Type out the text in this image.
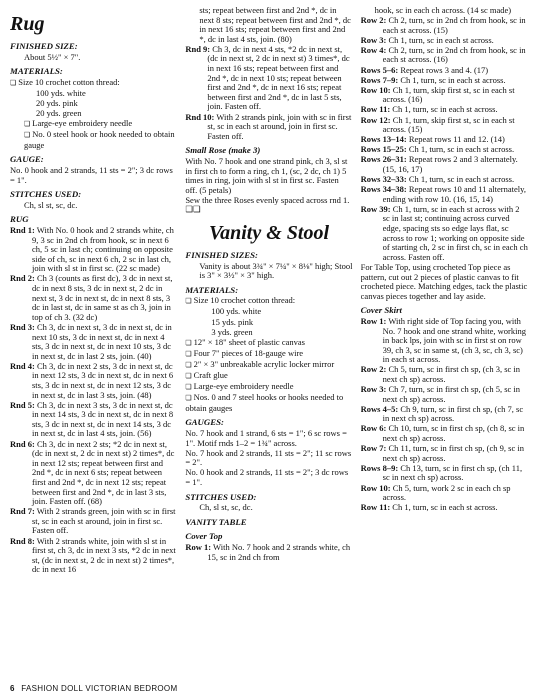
Rug
FINISHED SIZE:

About 5½" × 7".

MATERIALS:

❏ Size 10 crochet cotton thread:

100 yds. white

20 yds. pink

20 yds. green

❏ Large-eye embroidery needle

❏ No. 0 steel hook or hook needed to obtain gauge

GAUGE:

No. 0 hook and 2 strands, 11 sts = 2"; 3 dc rows = 1".

STITCHES USED:

Ch, sl st, sc, dc.

RUG

Rnd 1: With No. 0 hook and 2 strands white, ch 9, 3 sc in 2nd ch from hook, sc in next 6 ch, 5 sc in last ch; continuing on opposite side of ch, sc in next 6 ch, 2 sc in last ch, join with sl st in first sc. (22 sc made)

Rnd 2: Ch 3 (counts as first dc), 3 dc in next st, dc in next 8 sts, 3 dc in next st, 2 dc in next st, 3 dc in next st, dc in next 8 sts, 3 dc in last st, dc in same st as ch 3, join in top of ch 3. (32 dc)

Rnd 3: Ch 3, dc in next st, 3 dc in next st, dc in next 10 sts, 3 dc in next st, dc in next 4 sts, 3 dc in next st, dc in next 10 sts, 3 dc in next st, dc in last 2 sts, join. (40)

Rnd 4: Ch 3, dc in next 2 sts, 3 dc in next st, dc in next 12 sts, 3 dc in next st, dc in next 6 sts, 3 dc in next st, dc in next 12 sts, 3 dc in next st, dc in last 3 sts, join. (48)

Rnd 5: Ch 3, dc in next 3 sts, 3 dc in next st, dc in next 14 sts, 3 dc in next st, dc in next 8 sts, 3 dc in next st, dc in next 14 sts, 3 dc in next st, dc in last 4 sts, join. (56)

Rnd 6: Ch 3, dc in next 2 sts; *2 dc in next st, (dc in next st, 2 dc in next st) 2 times*, dc in next 12 sts; repeat between first and 2nd *, dc in next 6 sts; repeat between first and 2nd *, dc in next 12 sts; repeat between first and 2nd *, dc in last 3 sts, join. Fasten off. (68)

Rnd 7: With 2 strands green, join with sc in first st, sc in each st around, join in first sc. Fasten off.

Rnd 8: With 2 strands white, join with sl st in first st, ch 3, dc in next 3 sts, *2 dc in next st, (dc in next st, 2 dc in next st) 2 times*, dc in next 16

sts; repeat between first and 2nd *, dc in next 8 sts; repeat between first and 2nd *, dc in next 16 sts; repeat between first and 2nd *, dc in last 4 sts, join. (80)

Rnd 9: Ch 3, dc in next 4 sts, *2 dc in next st, (dc in next st, 2 dc in next st) 3 times*, dc in next 16 sts; repeat between first and 2nd *, dc in next 10 sts; repeat between first and 2nd *, dc in next 16 sts; repeat between first and 2nd *, dc in last 5 sts, join. Fasten off.

Rnd 10: With 2 strands pink, join with sc in first st, sc in each st around, join in first sc. Fasten off.

Small Rose (make 3)

With No. 7 hook and one strand pink, ch 3, sl st in first ch to form a ring, ch 1, (sc, 2 dc, ch 1) 5 times in ring, join with sl st in first sc. Fasten off. (5 petals)

Sew the three Roses evenly spaced across rnd 1. ❑❑

Vanity & Stool
FINISHED SIZES:

Vanity is about 3¾" × 7¼" × 8⅛" high; Stool is 3" × 3½" × 3" high.

MATERIALS:

❏ Size 10 crochet cotton thread:

100 yds. white

15 yds. pink

3 yds. green

❏ 12" × 18" sheet of plastic canvas

❏ Four 7" pieces of 18-gauge wire

❏ 2" × 3" unbreakable acrylic locker mirror

❏ Craft glue

❏ Large-eye embroidery needle

❏ Nos. 0 and 7 steel hooks or hooks needed to obtain gauges

GAUGES:

No. 7 hook and 1 strand, 6 sts = 1"; 6 sc rows = 1". Motif rnds 1–2 = 1¾" across.

No. 7 hook and 2 strands, 11 sts = 2"; 11 sc rows = 2".

No. 0 hook and 2 strands, 11 sts = 2"; 3 dc rows = 1".

STITCHES USED:

Ch, sl st, sc, dc.

VANITY TABLE
Cover Top

Row 1: With No. 7 hook and 2 strands white, ch 15, sc in 2nd ch from

hook, sc in each ch across. (14 sc made)

Row 2: Ch 2, turn, sc in 2nd ch from hook, sc in each st across. (15)

Row 3: Ch 1, turn, sc in each st across.

Row 4: Ch 2, turn, sc in 2nd ch from hook, sc in each st across. (16)

Rows 5–6: Repeat rows 3 and 4. (17)

Rows 7–9: Ch 1, turn, sc in each st across.

Row 10: Ch 1, turn, skip first st, sc in each st across. (16)

Row 11: Ch 1, turn, sc in each st across.

Row 12: Ch 1, turn, skip first st, sc in each st across. (15)

Rows 13–14: Repeat rows 11 and 12. (14)

Rows 15–25: Ch 1, turn, sc in each st across.

Rows 26–31: Repeat rows 2 and 3 alternately. (15, 16, 17)

Rows 32–33: Ch 1, turn, sc in each st across.

Rows 34–38: Repeat rows 10 and 11 alternately, ending with row 10. (16, 15, 14)

Row 39: Ch 1, turn, sc in each st across with 2 sc in last st; continuing across curved edge, spacing sts so edge lays flat, sc across to row 1; working on opposite side of starting ch, 2 sc in first ch, sc in each ch across. Fasten off.

For Table Top, using crocheted Top piece as pattern, cut out 2 pieces of plastic canvas to fit crocheted piece. Matching edges, tack the plastic canvas pieces together and lay aside.

Cover Skirt

Row 1: With right side of Top facing you, with No. 7 hook and one strand white, working in back lps, join with sc in first st on row 39, ch 3, sc in same st, (ch 3, sc, ch 3, sc) in each st across.

Row 2: Ch 5, turn, sc in first ch sp, (ch 3, sc in next ch sp) across.

Row 3: Ch 7, turn, sc in first ch sp, (ch 5, sc in next ch sp) across.

Rows 4–5: Ch 9, turn, sc in first ch sp, (ch 7, sc in next ch sp) across.

Row 6: Ch 10, turn, sc in first ch sp, (ch 8, sc in next ch sp) across.

Row 7: Ch 11, turn, sc in first ch sp, (ch 9, sc in next ch sp) across.

Rows 8–9: Ch 13, turn, sc in first ch sp, (ch 11, sc in next ch sp) across.

Row 10: Ch 5, turn, work 2 sc in each ch sp across.

Row 11: Ch 1, turn, sc in each st across.

6 FASHION DOLL VICTORIAN BEDROOM
